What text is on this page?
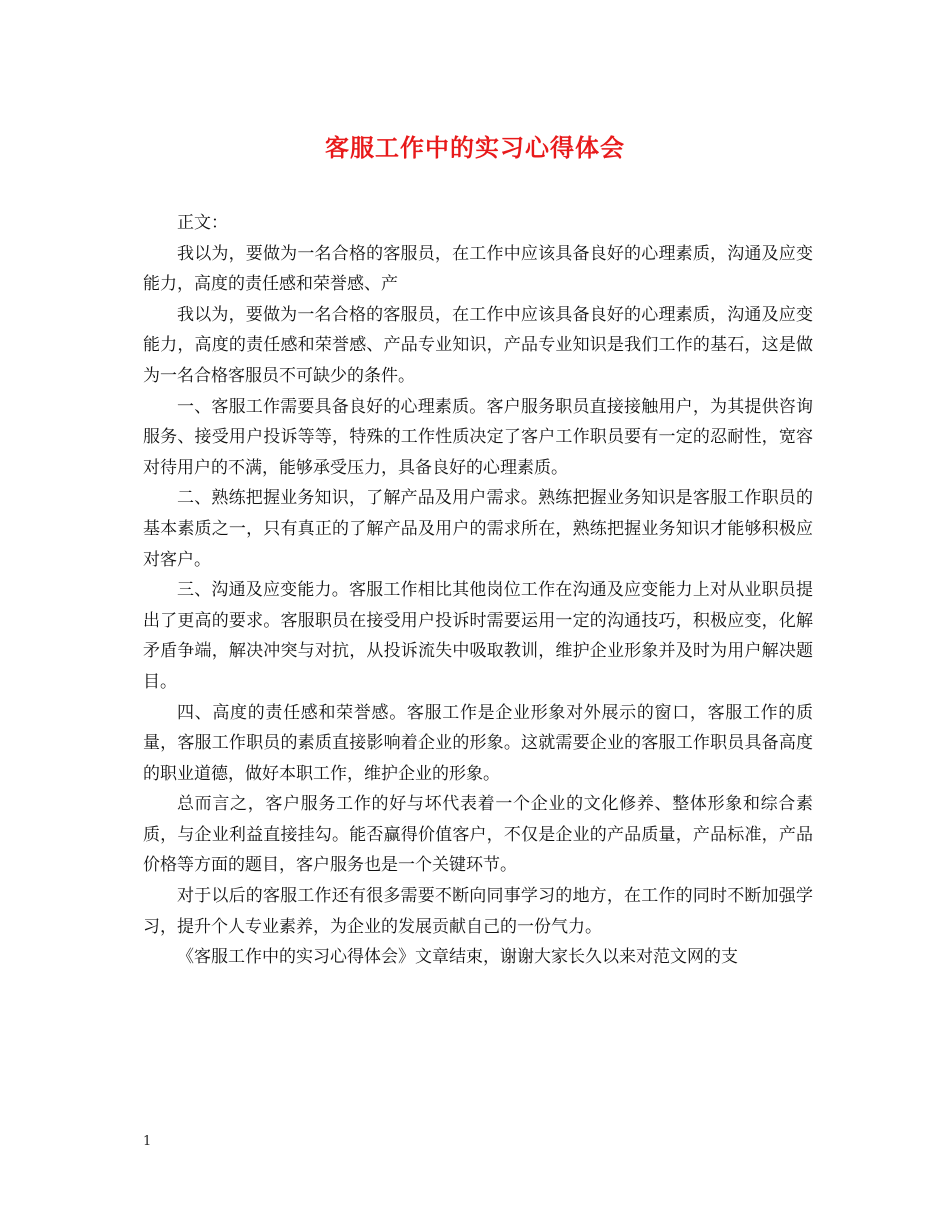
客服工作中的实习心得体会

正文：

我以为，要做为一名合格的客服员，在工作中应该具备良好的心理素质，沟通及应变能力，高度的责任感和荣誉感、产

我以为，要做为一名合格的客服员，在工作中应该具备良好的心理素质，沟通及应变能力，高度的责任感和荣誉感、产品专业知识，产品专业知识是我们工作的基石，这是做为一名合格客服员不可缺少的条件。

一、客服工作需要具备良好的心理素质。客户服务职员直接接触用户，为其提供咨询服务、接受用户投诉等等，特殊的工作性质决定了客户工作职员要有一定的忍耐性，宽容对待用户的不满，能够承受压力，具备良好的心理素质。

二、熟练把握业务知识，了解产品及用户需求。熟练把握业务知识是客服工作职员的基本素质之一，只有真正的了解产品及用户的需求所在，熟练把握业务知识才能够积极应对客户。

三、沟通及应变能力。客服工作相比其他岗位工作在沟通及应变能力上对从业职员提出了更高的要求。客服职员在接受用户投诉时需要运用一定的沟通技巧，积极应变，化解矛盾争端，解决冲突与对抗，从投诉流失中吸取教训，维护企业形象并及时为用户解决题目。

四、高度的责任感和荣誉感。客服工作是企业形象对外展示的窗口，客服工作的质量，客服工作职员的素质直接影响着企业的形象。这就需要企业的客服工作职员具备高度的职业道德，做好本职工作，维护企业的形象。

总而言之，客户服务工作的好与坏代表着一个企业的文化修养、整体形象和综合素质，与企业利益直接挂勾。能否赢得价值客户，不仅是企业的产品质量，产品标准，产品价格等方面的题目，客户服务也是一个关键环节。

对于以后的客服工作还有很多需要不断向同事学习的地方，在工作的同时不断加强学习，提升个人专业素养，为企业的发展贡献自己的一份气力。

《客服工作中的实习心得体会》文章结束，谢谢大家长久以来对范文网的支

1
